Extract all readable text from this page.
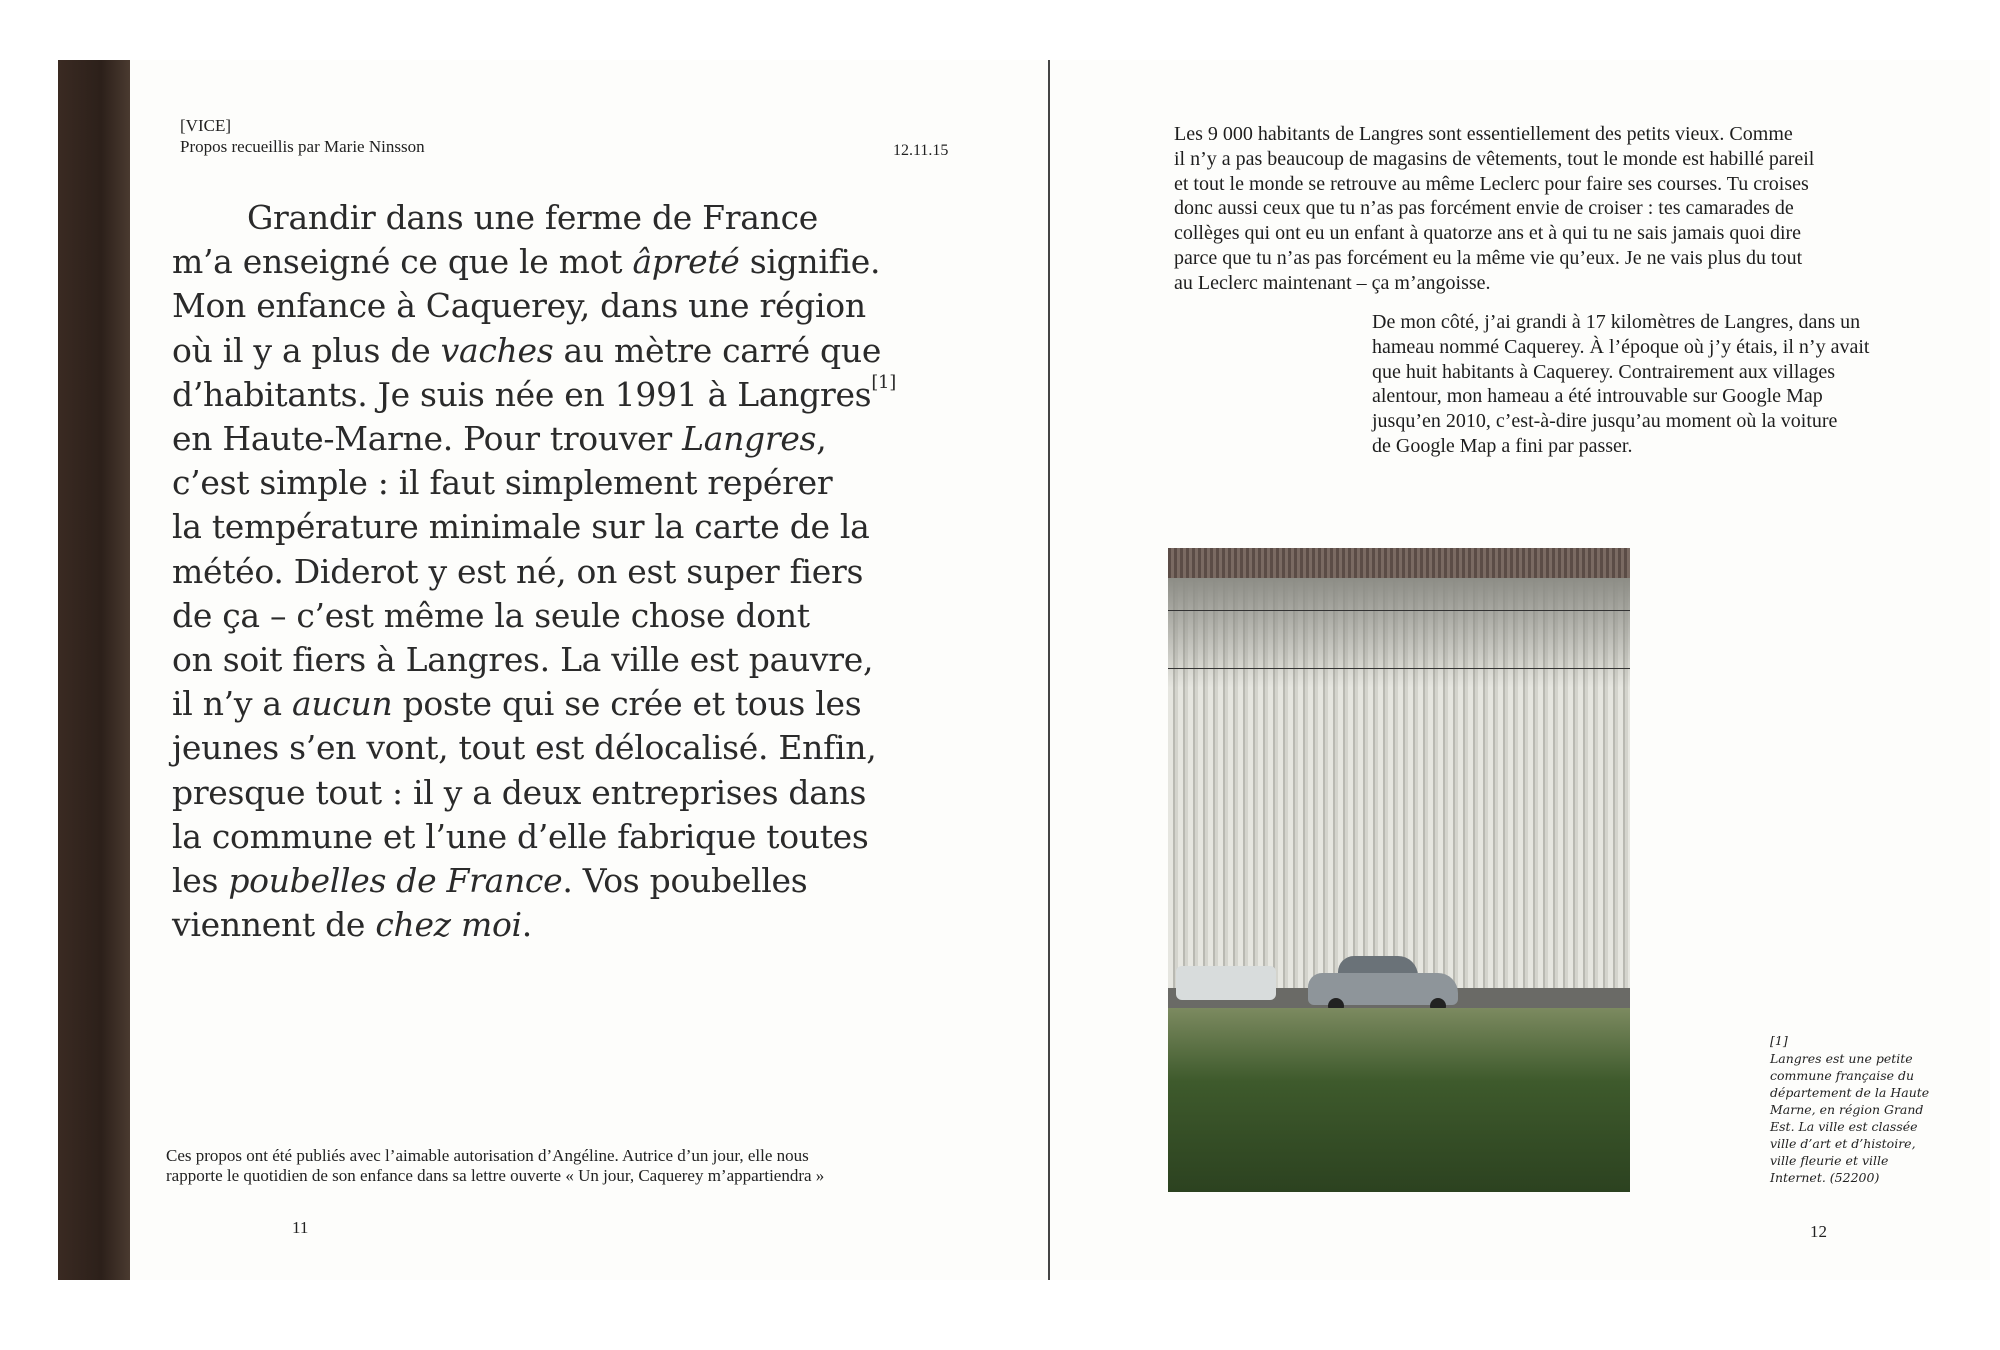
[VICE]
Propos recueillis par Marie Ninsson	12.11.15
Grandir dans une ferme de France
m’a enseigné ce que le mot âpreté signifie.
Mon enfance à Caquerey, dans une région
où il y a plus de vaches au mètre carré que
d’habitants. Je suis née en 1991 à Langres[1]
en Haute-Marne. Pour trouver Langres,
c’est simple : il faut simplement repérer
la température minimale sur la carte de la
météo. Diderot y est né, on est super fiers
de ça – c’est même la seule chose dont
on soit fiers à Langres. La ville est pauvre,
il n’y a aucun poste qui se crée et tous les
jeunes s’en vont, tout est délocalisé. Enfin,
presque tout : il y a deux entreprises dans
la commune et l’une d’elle fabrique toutes
les poubelles de France. Vos poubelles
viennent de chez moi.
Ces propos ont été publiés avec l’aimable autorisation d’Angéline. Autrice d’un jour, elle nous
rapporte le quotidien de son enfance dans sa lettre ouverte « Un jour, Caquerey m’appartiendra »
11
Les 9 000 habitants de Langres sont essentiellement des petits vieux. Comme
il n’y a pas beaucoup de magasins de vêtements, tout le monde est habillé pareil
et tout le monde se retrouve au même Leclerc pour faire ses courses. Tu croises
donc aussi ceux que tu n’as pas forcément envie de croiser : tes camarades de
collèges qui ont eu un enfant à quatorze ans et à qui tu ne sais jamais quoi dire
parce que tu n’as pas forcément eu la même vie qu’eux. Je ne vais plus du tout
au Leclerc maintenant – ça m’angoisse.
De mon côté, j’ai grandi à 17 kilomètres de Langres, dans un
hameau nommé Caquerey. À l’époque où j’y étais, il n’y avait
que huit habitants à Caquerey. Contrairement aux villages
alentour, mon hameau a été introuvable sur Google Map
jusqu’en 2010, c’est-à-dire jusqu’au moment où la voiture
de Google Map a fini par passer.
[1]
Langres est une petite
commune française du
département de la Haute
Marne, en région Grand
Est. La ville est classée
ville d’art et d’histoire,
ville fleurie et ville
Internet. (52200)
12
